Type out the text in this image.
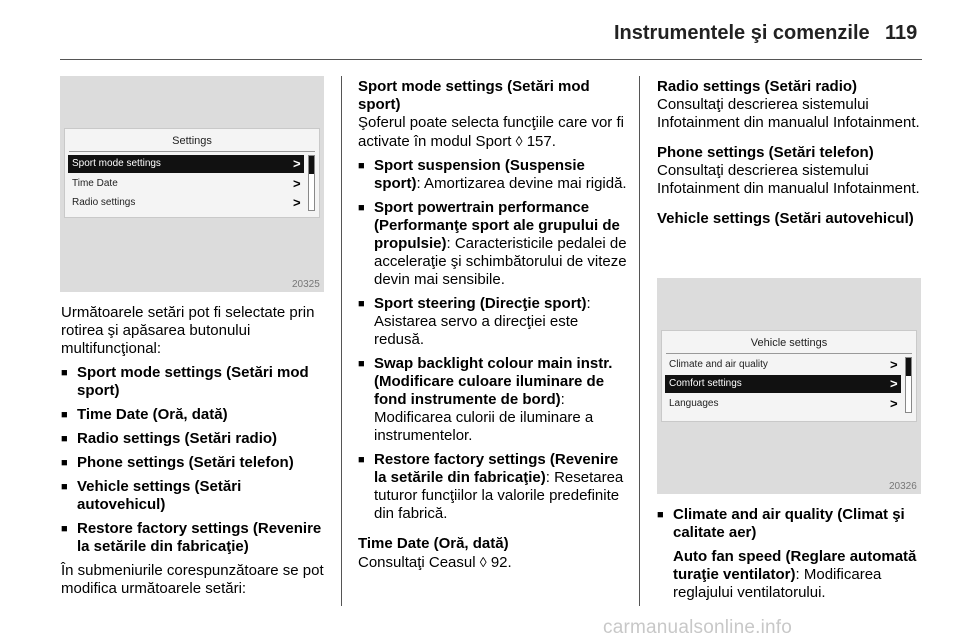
Instrumentele şi comenzile 119
Settings
Sport mode settings	>
Time Date	>
Radio settings	>
20325

Următoarele setări pot fi selectate prin rotirea şi apăsarea butonului multifuncţional:

■ Sport mode settings (Setări mod sport)
■ Time Date (Oră, dată)
■ Radio settings (Setări radio)
■ Phone settings (Setări telefon)
■ Vehicle settings (Setări autovehicul)
■ Restore factory settings (Revenire la setările din fabricaţie)

În submeniurile corespunzătoare se pot modifica următoarele setări:

Sport mode settings (Setări mod sport)

Şoferul poate selecta funcţiile care vor fi activate în modul Sport ◊ 157.

■ Sport suspension (Suspensie sport): Amortizarea devine mai rigidă.
■ Sport powertrain performance (Performanţe sport ale grupului de propulsie): Caracteristicile pedalei de acceleraţie şi schimbătorului de viteze devin mai sensibile.
■ Sport steering (Direcţie sport): Asistarea servo a direcţiei este redusă.
■ Swap backlight colour main instr. (Modificare culoare iluminare de fond instrumente de bord): Modificarea culorii de iluminare a instrumentelor.
■ Restore factory settings (Revenire la setările din fabricaţie): Resetarea tuturor funcţiilor la valorile predefinite din fabrică.

Time Date (Oră, dată)

Consultaţi Ceasul ◊ 92.

Radio settings (Setări radio)

Consultaţi descrierea sistemului Infotainment din manualul Infotainment.

Phone settings (Setări telefon)

Consultaţi descrierea sistemului Infotainment din manualul Infotainment.

Vehicle settings (Setări autovehicul)

Vehicle settings
Climate and air quality	>
Comfort settings	>
Languages	>
20326
■ Climate and air quality (Climat şi calitate aer)

Auto fan speed (Reglare automată turaţie ventilator): Modificarea reglajului ventilatorului.

carmanualsonline.info
